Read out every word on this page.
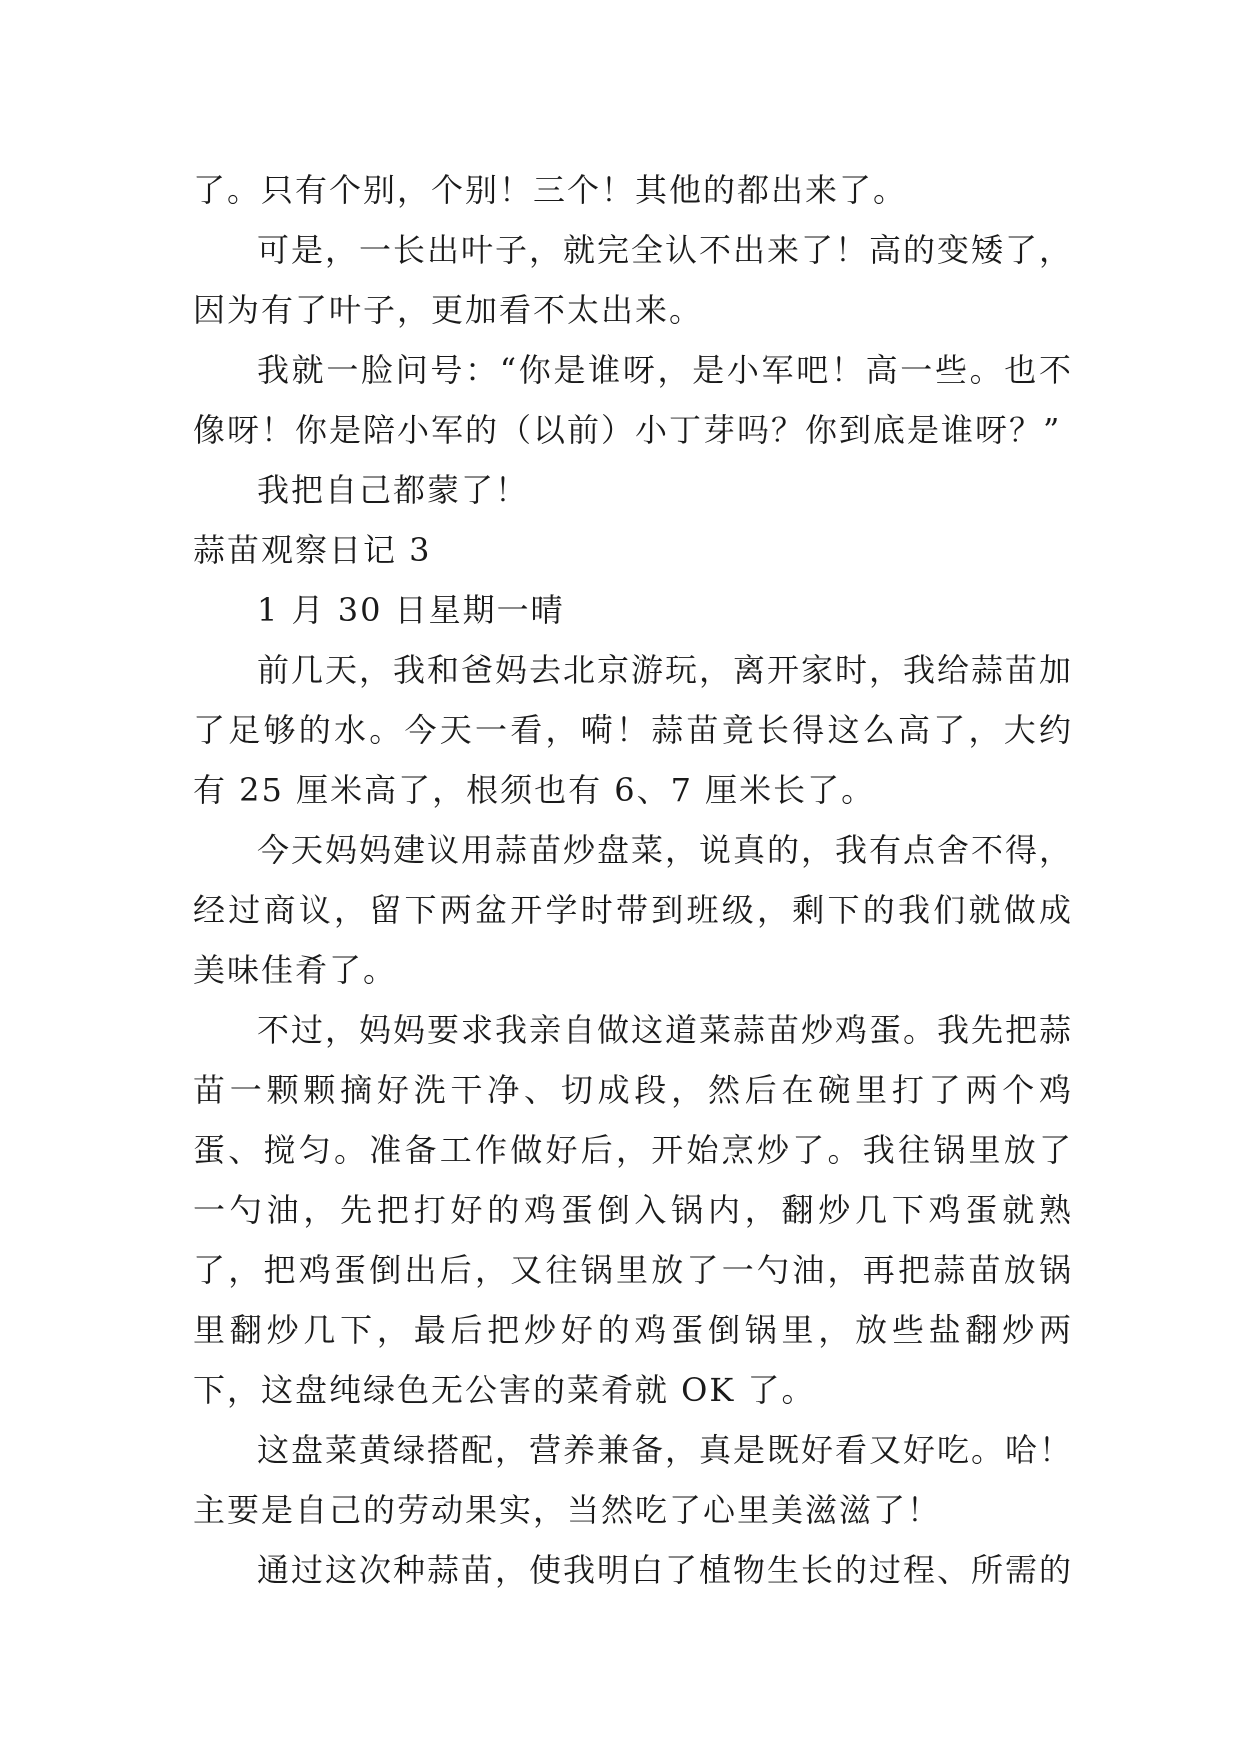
了。只有个别，个别！三个！其他的都出来了。

可是，一长出叶子，就完全认不出来了！高的变矮了，因为有了叶子，更加看不太出来。

我就一脸问号：“你是谁呀，是小军吧！高一些。也不像呀！你是陪小军的（以前）小丁芽吗？你到底是谁呀？”

我把自己都蒙了！

蒜苗观察日记 3

1 月 30 日星期一晴

前几天，我和爸妈去北京游玩，离开家时，我给蒜苗加了足够的水。今天一看，嗬！蒜苗竟长得这么高了，大约有 25 厘米高了，根须也有 6、7 厘米长了。

今天妈妈建议用蒜苗炒盘菜，说真的，我有点舍不得，经过商议，留下两盆开学时带到班级，剩下的我们就做成美味佳肴了。

不过，妈妈要求我亲自做这道菜蒜苗炒鸡蛋。我先把蒜苗一颗颗摘好洗干净、切成段，然后在碗里打了两个鸡蛋、搅匀。准备工作做好后，开始烹炒了。我往锅里放了一勺油，先把打好的鸡蛋倒入锅内，翻炒几下鸡蛋就熟了，把鸡蛋倒出后，又往锅里放了一勺油，再把蒜苗放锅里翻炒几下，最后把炒好的鸡蛋倒锅里，放些盐翻炒两下，这盘纯绿色无公害的菜肴就 OK 了。

这盘菜黄绿搭配，营养兼备，真是既好看又好吃。哈！主要是自己的劳动果实，当然吃了心里美滋滋了！

通过这次种蒜苗，使我明白了植物生长的过程、所需的
